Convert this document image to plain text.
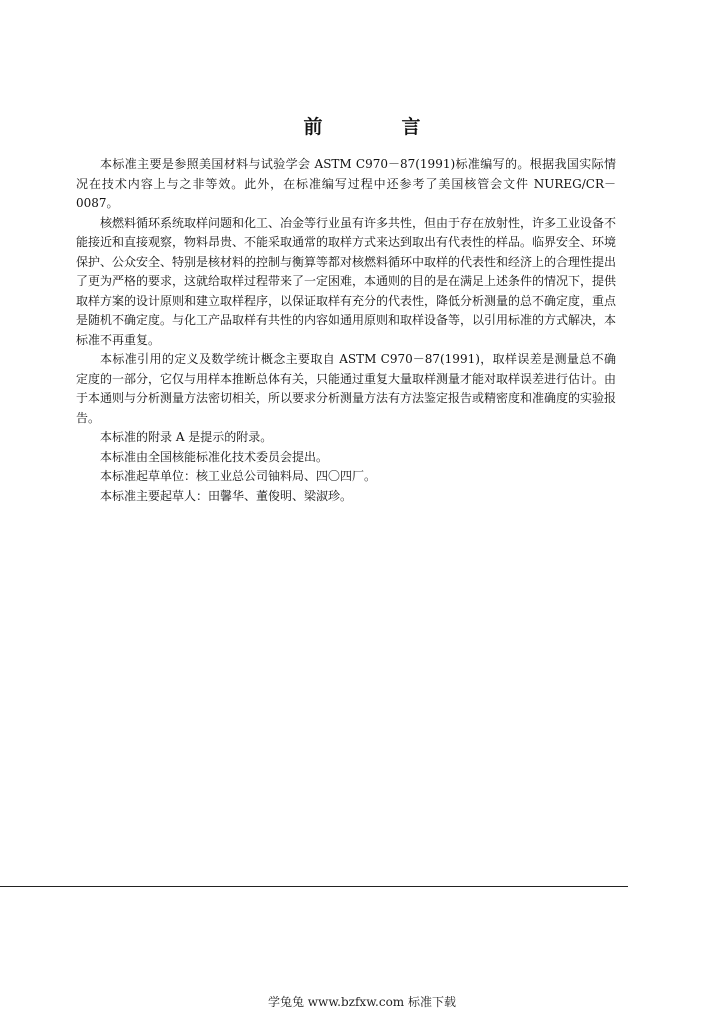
前　言

本标准主要是参照美国材料与试验学会 ASTM C970－87(1991)标准编写的。根据我国实际情况在技术内容上与之非等效。此外，在标准编写过程中还参考了美国核管会文件 NUREG/CR－0087。

核燃料循环系统取样问题和化工、冶金等行业虽有许多共性，但由于存在放射性，许多工业设备不能接近和直接观察，物料昂贵、不能采取通常的取样方式来达到取出有代表性的样品。临界安全、环境保护、公众安全、特别是核材料的控制与衡算等都对核燃料循环中取样的代表性和经济上的合理性提出了更为严格的要求，这就给取样过程带来了一定困难，本通则的目的是在满足上述条件的情况下，提供取样方案的设计原则和建立取样程序，以保证取样有充分的代表性，降低分析测量的总不确定度，重点是随机不确定度。与化工产品取样有共性的内容如通用原则和取样设备等，以引用标准的方式解决，本标准不再重复。

本标准引用的定义及数学统计概念主要取自 ASTM C970－87(1991)，取样误差是测量总不确定度的一部分，它仅与用样本推断总体有关，只能通过重复大量取样测量才能对取样误差进行估计。由于本通则与分析测量方法密切相关，所以要求分析测量方法有方法鉴定报告或精密度和准确度的实验报告。

本标准的附录 A 是提示的附录。

本标准由全国核能标准化技术委员会提出。

本标准起草单位：核工业总公司铀料局、四〇四厂。

本标准主要起草人：田馨华、董俊明、梁淑珍。

学兔兔 www.bzfxw.com 标准下载
